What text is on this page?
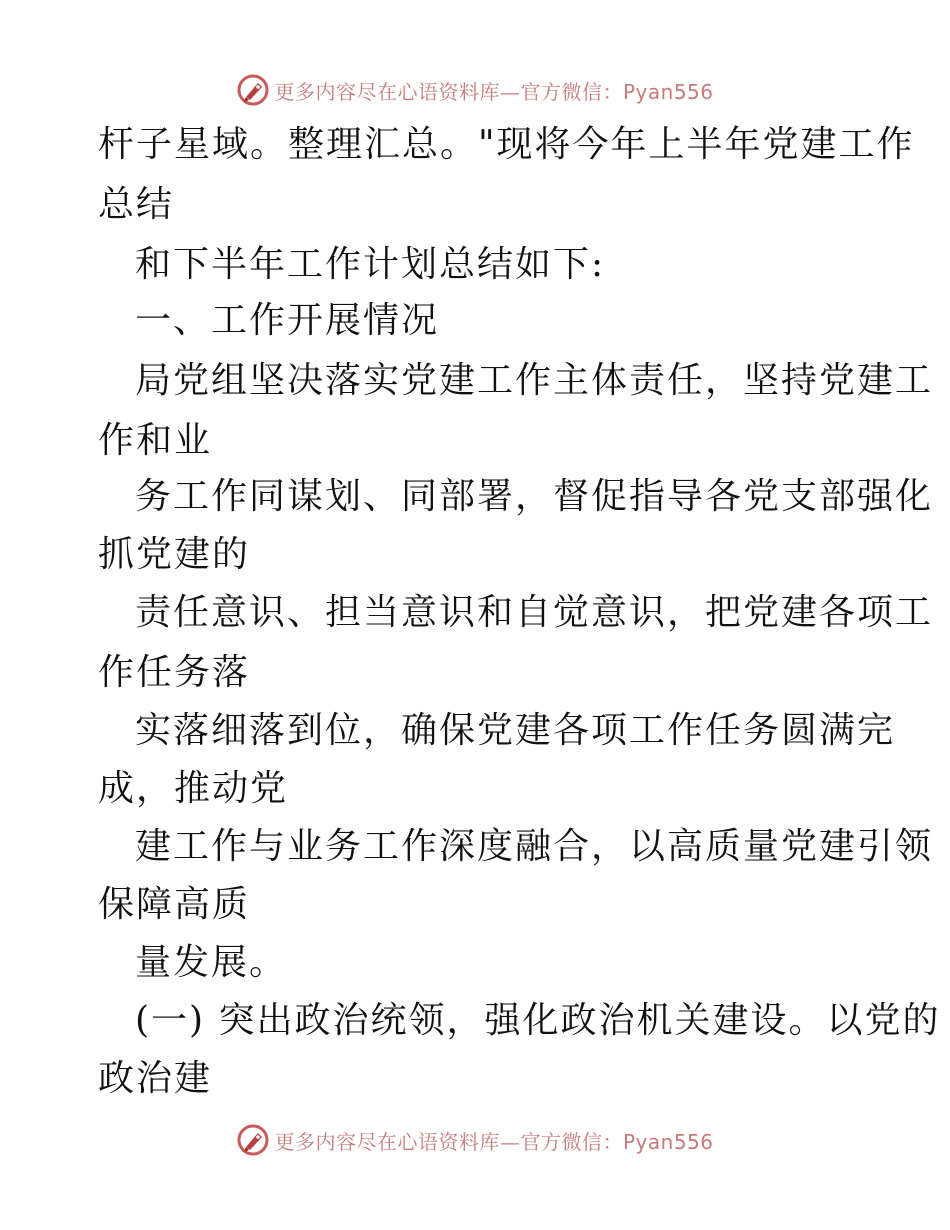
更多内容尽在心语资料库—官方微信：Pyan556
杆子星域。整理汇总。"现将今年上半年党建工作
总结
和下半年工作计划总结如下:
一、工作开展情况
局党组坚决落实党建工作主体责任，坚持党建工
作和业
务工作同谋划、同部署，督促指导各党支部强化
抓党建的
责任意识、担当意识和自觉意识，把党建各项工
作任务落
实落细落到位，确保党建各项工作任务圆满完
成，推动党
建工作与业务工作深度融合，以高质量党建引领
保障高质
量发展。
(一) 突出政治统领，强化政治机关建设。以党的
政治建
更多内容尽在心语资料库—官方微信：Pyan556
